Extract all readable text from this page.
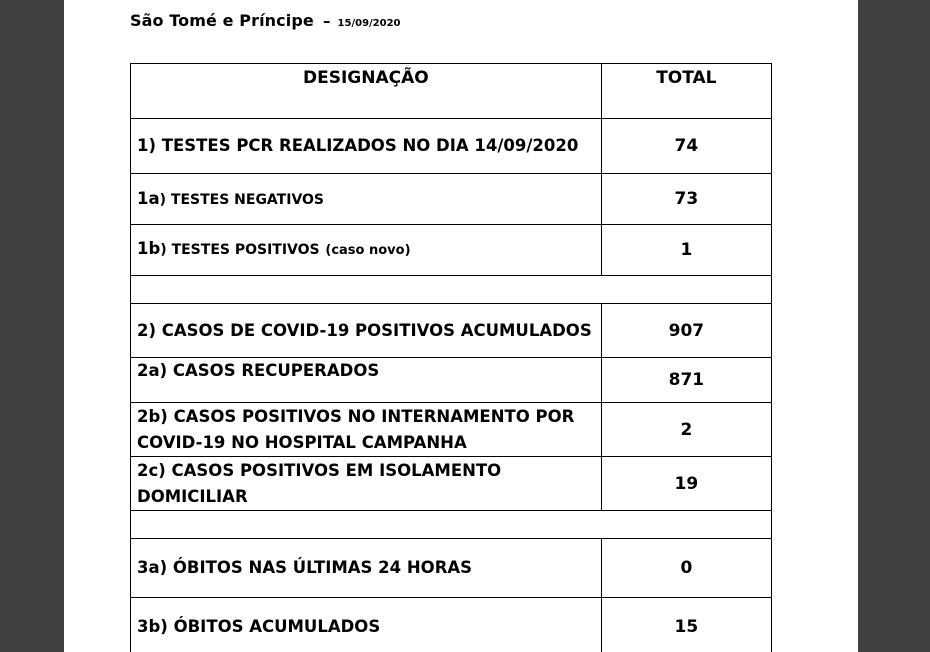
São Tomé e Príncipe – 15/09/2020
DESIGNAÇÃO	TOTAL
1) TESTES PCR REALIZADOS NO DIA 14/09/2020	74
1a) TESTES NEGATIVOS	73
1b) TESTES POSITIVOS (caso novo)	1

2) CASOS DE COVID-19 POSITIVOS ACUMULADOS	907
2a) CASOS RECUPERADOS	871
2b) CASOS POSITIVOS NO INTERNAMENTO POR COVID-19 NO HOSPITAL CAMPANHA	2
2c) CASOS POSITIVOS EM ISOLAMENTO DOMICILIAR	19

3a) ÓBITOS NAS ÚLTIMAS 24 HORAS	0
3b) ÓBITOS ACUMULADOS	15
